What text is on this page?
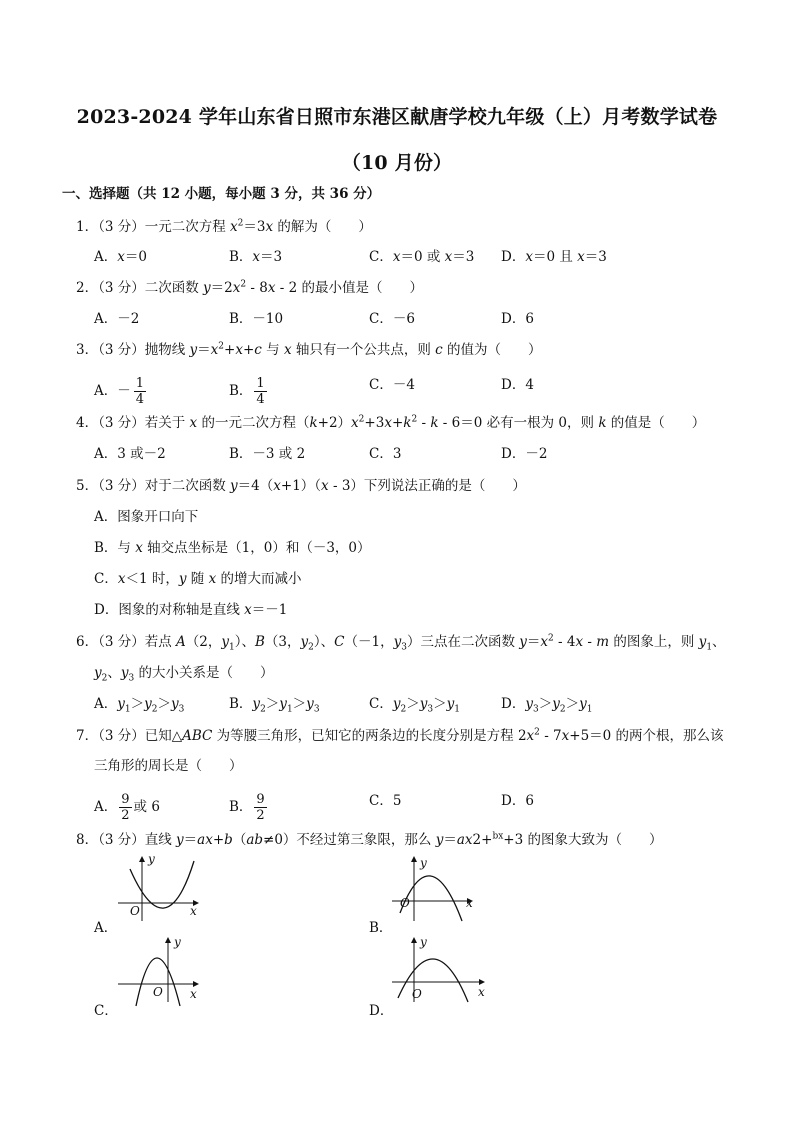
2023-2024 学年山东省日照市东港区献唐学校九年级（上）月考数学试卷
（10 月份）
一、选择题（共 12 小题，每小题 3 分，共 36 分）
1．（3 分）一元二次方程 $x^2=3x$ 的解为（　　）
A．x＝0	B．x＝3	C．x＝0 或 x＝3 D．x＝0 且 x＝3
2．（3 分）二次函数 $y=2x^2 - 8x - 2$ 的最小值是（　　）
A．－2	B．－10	C．－6	D．6
3．（3 分）抛物线 $y=x^2+x+c$ 与 x 轴只有一个公共点，则 c 的值为（　　）
A．－ $\frac{1}{4}$	B． $\frac{1}{4}$	C．－4	D．4
4．（3 分）若关于 x 的一元二次方程$(k+2)x^2+3x+k^2 - k - 6=0$ 必有一根为 0，则 k 的值是（　　）
A．3 或－2	B．－3 或 2	C．3	D．－2
5．（3 分）对于二次函数 y＝4（x+1）（x - 3）下列说法正确的是（　　）
A．图象开口向下
B．与 x 轴交点坐标是（1，0）和（－3，0）
C．x＜1 时，y 随 x 的增大而减小
D．图象的对称轴是直线 x＝－1
6．（3 分）若点 A（2，$y_1$）、B（3，$y_2$）、C（－1，$y_3$）三点在二次函数 $y=x^2 - 4x - m$ 的图象上，则 $y_1$、
$y_2$、$y_3$ 的大小关系是（　　）
A．$y_1>y_2>y_3$	B．$y_2>y_1>y_3$	C．$y_2>y_3>y_1$	D．$y_3>y_2>y_1$
7．（3 分）已知△ABC 为等腰三角形，已知它的两条边的长度分别是方程 $2x^2 - 7x+5=0$ 的两个根，那么该
三角形的周长是（　　）
A． $\frac{9}{2}$ 或 6	B． $\frac{9}{2}$	C．5	D．6
8．（3 分）直线 y＝ax+b（ab≠0）不经过第三象限，那么 y＝ax2+$^{bx}$+3 的图象大致为（　　）
A．	B．
C．	D．
y
x
O
y
x
O
y
x
O
y
x
O
